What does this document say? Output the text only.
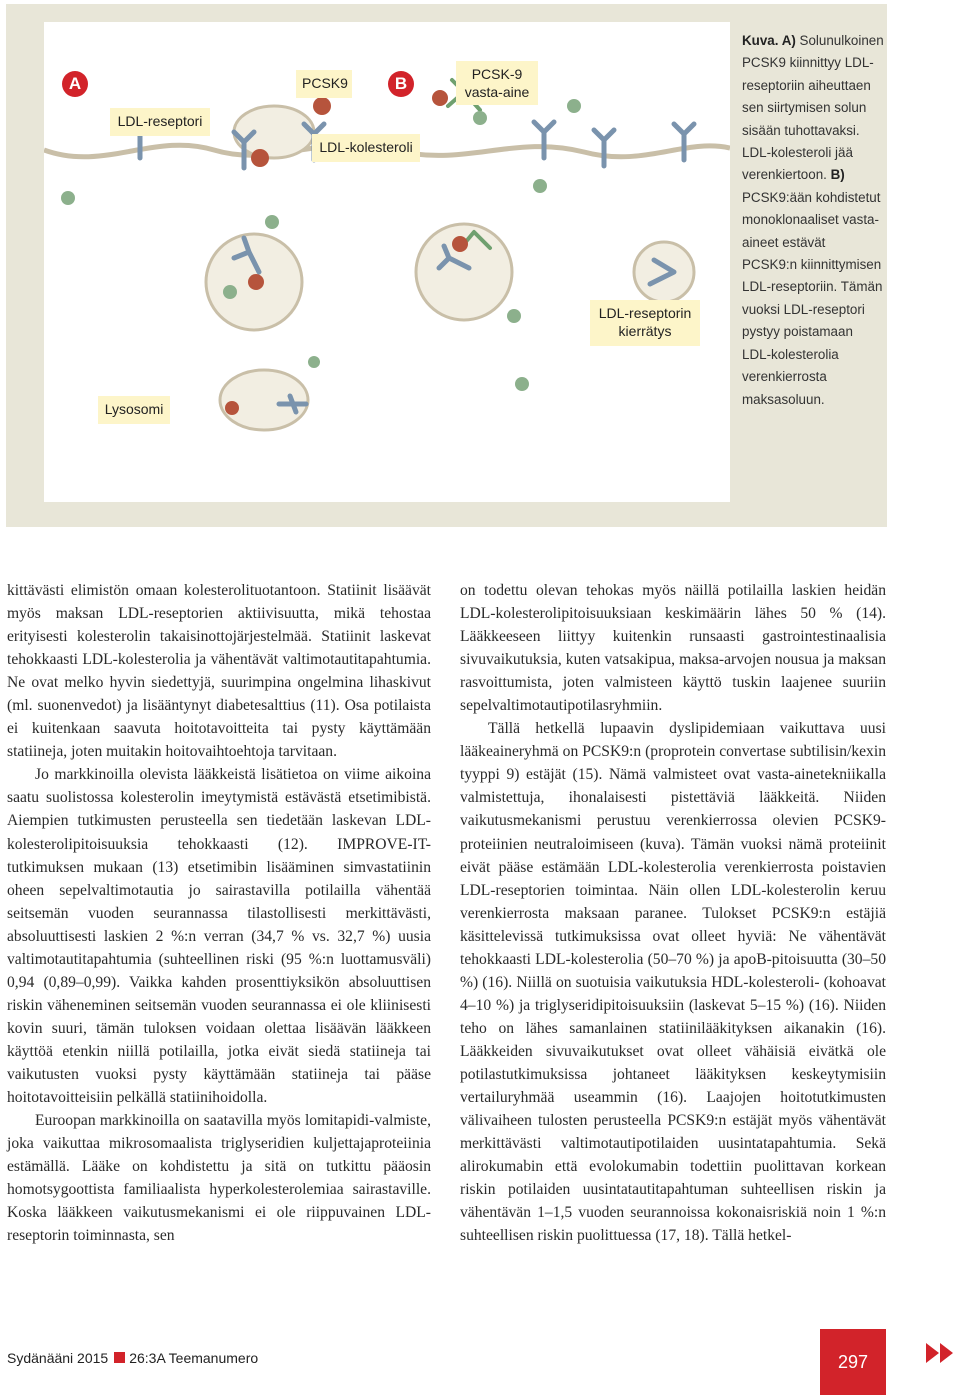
A	B
LDL-reseptori
PCSK9
LDL-kolesteroli
PCSK-9 vasta-aine
LDL-reseptorin kierrätys
Lysosomi
Kuva. A) Solunulkoinen PCSK9 kiinnittyy LDL-reseptoriin aiheuttaen sen siirtymisen solun sisään tuhottavaksi. LDL-kolesteroli jää verenkiertoon. B) PCSK9:ään kohdistetut monoklonaaliset vasta-aineet estävät PCSK9:n kiinnittymisen LDL-reseptoriin. Tämän vuoksi LDL-reseptori pystyy poistamaan LDL-kolesterolia verenkierrosta maksasoluun.

kittävästi elimistön omaan kolesterolituotantoon. Statiinit lisäävät myös maksan LDL-reseptorien aktiivisuutta, mikä tehostaa erityisesti kolesterolin takaisinottojärjestelmää. Statiinit laskevat tehokkaasti LDL-kolesterolia ja vähentävät valtimotautitapahtumia. Ne ovat melko hyvin siedettyjä, suurimpina ongelmina lihaskivut (ml. suonenvedot) ja lisääntynyt diabetesalttius (11). Osa potilaista ei kuitenkaan saavuta hoitotavoitteita tai pysty käyttämään statiineja, joten muitakin hoitovaihtoehtoja tarvitaan.

Jo markkinoilla olevista lääkkeistä lisätietoa on viime aikoina saatu suolistossa kolesterolin imeytymistä estävästä etsetimibistä. Aiempien tutkimusten perusteella sen tiedetään laskevan LDL-kolesterolipitoisuuksia tehokkaasti (12). IMPROVE-IT-tutkimuksen mukaan (13) etsetimibin lisääminen simvastatiinin oheen sepelvaltimotautia jo sairastavilla potilailla vähentää seitsemän vuoden seurannassa tilastollisesti merkittävästi, absoluuttisesti laskien 2 %:n verran (34,7 % vs. 32,7 %) uusia valtimotautitapahtumia (suhteellinen riski (95 %:n luottamusväli) 0,94 (0,89–0,99). Vaikka kahden prosenttiyksikön absoluuttisen riskin väheneminen seitsemän vuoden seurannassa ei ole kliinisesti kovin suuri, tämän tuloksen voidaan olettaa lisäävän lääkkeen käyttöä etenkin niillä potilailla, jotka eivät siedä statiineja tai vaikutusten vuoksi pysty käyttämään statiineja tai pääse hoitotavoitteisiin pelkällä statiinihoidolla.

Euroopan markkinoilla on saatavilla myös lomitapidi-valmiste, joka vaikuttaa mikrosomaalista triglyseridien kuljettajaproteiinia estämällä. Lääke on kohdistettu ja sitä on tutkittu pääosin homotsygoottista familiaalista hyperkolesterolemiaa sairastaville. Koska lääkkeen vaikutusmekanismi ei ole riippuvainen LDL-reseptorin toiminnasta, sen

on todettu olevan tehokas myös näillä potilailla laskien heidän LDL-kolesterolipitoisuuksiaan keskimäärin lähes 50 % (14). Lääkkeeseen liittyy kuitenkin runsaasti gastrointestinaalisia sivuvaikutuksia, kuten vatsakipua, maksa-arvojen nousua ja maksan rasvoittumista, joten valmisteen käyttö tuskin laajenee suuriin sepelvaltimotautipotilasryhmiin.

Tällä hetkellä lupaavin dyslipidemiaan vaikuttava uusi lääkeaineryhmä on PCSK9:n (proprotein convertase subtilisin/kexin tyyppi 9) estäjät (15). Nämä valmisteet ovat vasta-ainetekniikalla valmistettuja, ihonalaisesti pistettäviä lääkkeitä. Niiden vaikutusmekanismi perustuu verenkierrossa olevien PCSK9-proteiinien neutraloimiseen (kuva). Tämän vuoksi nämä proteiinit eivät pääse estämään LDL-kolesterolia verenkierrosta poistavien LDL-reseptorien toimintaa. Näin ollen LDL-kolesterolin keruu verenkierrosta maksaan paranee. Tulokset PCSK9:n estäjiä käsittelevissä tutkimuksissa ovat olleet hyviä: Ne vähentävät tehokkaasti LDL-kolesterolia (50–70 %) ja apoB-pitoisuutta (30–50 %) (16). Niillä on suotuisia vaikutuksia HDL-kolesteroli- (kohoavat 4–10 %) ja triglyseridipitoisuuksiin (laskevat 5–15 %) (16). Niiden teho on lähes samanlainen statiinilääkityksen aikanakin (16). Lääkkeiden sivuvaikutukset ovat olleet vähäisiä eivätkä ole potilastutkimuksissa johtaneet lääkityksen keskeytymisiin vertailuryhmää useammin (16). Laajojen hoitotutkimusten välivaiheen tulosten perusteella PCSK9:n estäjät myös vähentävät merkittävästi valtimotautipotilaiden uusintatapahtumia. Sekä alirokumabin että evolokumabin todettiin puolittavan korkean riskin potilaiden uusintatautitapahtuman suhteellisen riskin ja vähentävän 1–1,5 vuoden seurannoissa kokonaisriskiä noin 1 %:n suhteellisen riskin puolittuessa (17, 18). Tällä hetkel-

Sydänääni 2015 26:3A Teemanumero	297
